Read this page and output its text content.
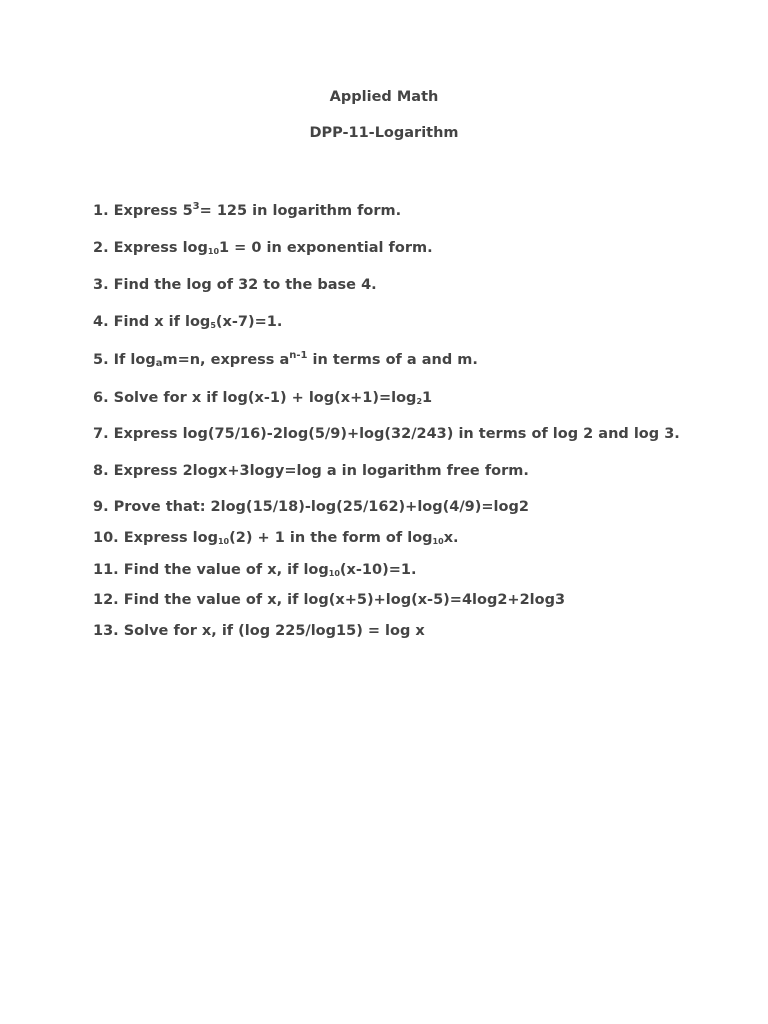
Applied Math
DPP-11-Logarithm
1. Express $5^3= 125$ in logarithm form.
2. Express $\log_{10}1 = 0$ in exponential form.
3. Find the log of 32 to the base 4.
4. Find x if $\log_5(x-7)=1$.
5. If $\log_am=n$, express $a^{n-1}$ in terms of a and m.
6. Solve for x if $\log(x-1) + \log(x+1)=\log_21$
7. Express log(75/16)-2log(5/9)+log(32/243) in terms of log 2 and log 3.
8. Express 2logx+3logy=log a in logarithm free form.
9. Prove that: 2log(15/18)-log(25/162)+log(4/9)=log2
10. Express $\log_{10}(2) + 1$ in the form of $\log_{10}x$.
11. Find the value of x, if $\log_{10}(x-10)=1$.
12. Find the value of x, if log(x+5)+log(x-5)=4log2+2log3
13. Solve for x, if (log 225/log15) = log x
